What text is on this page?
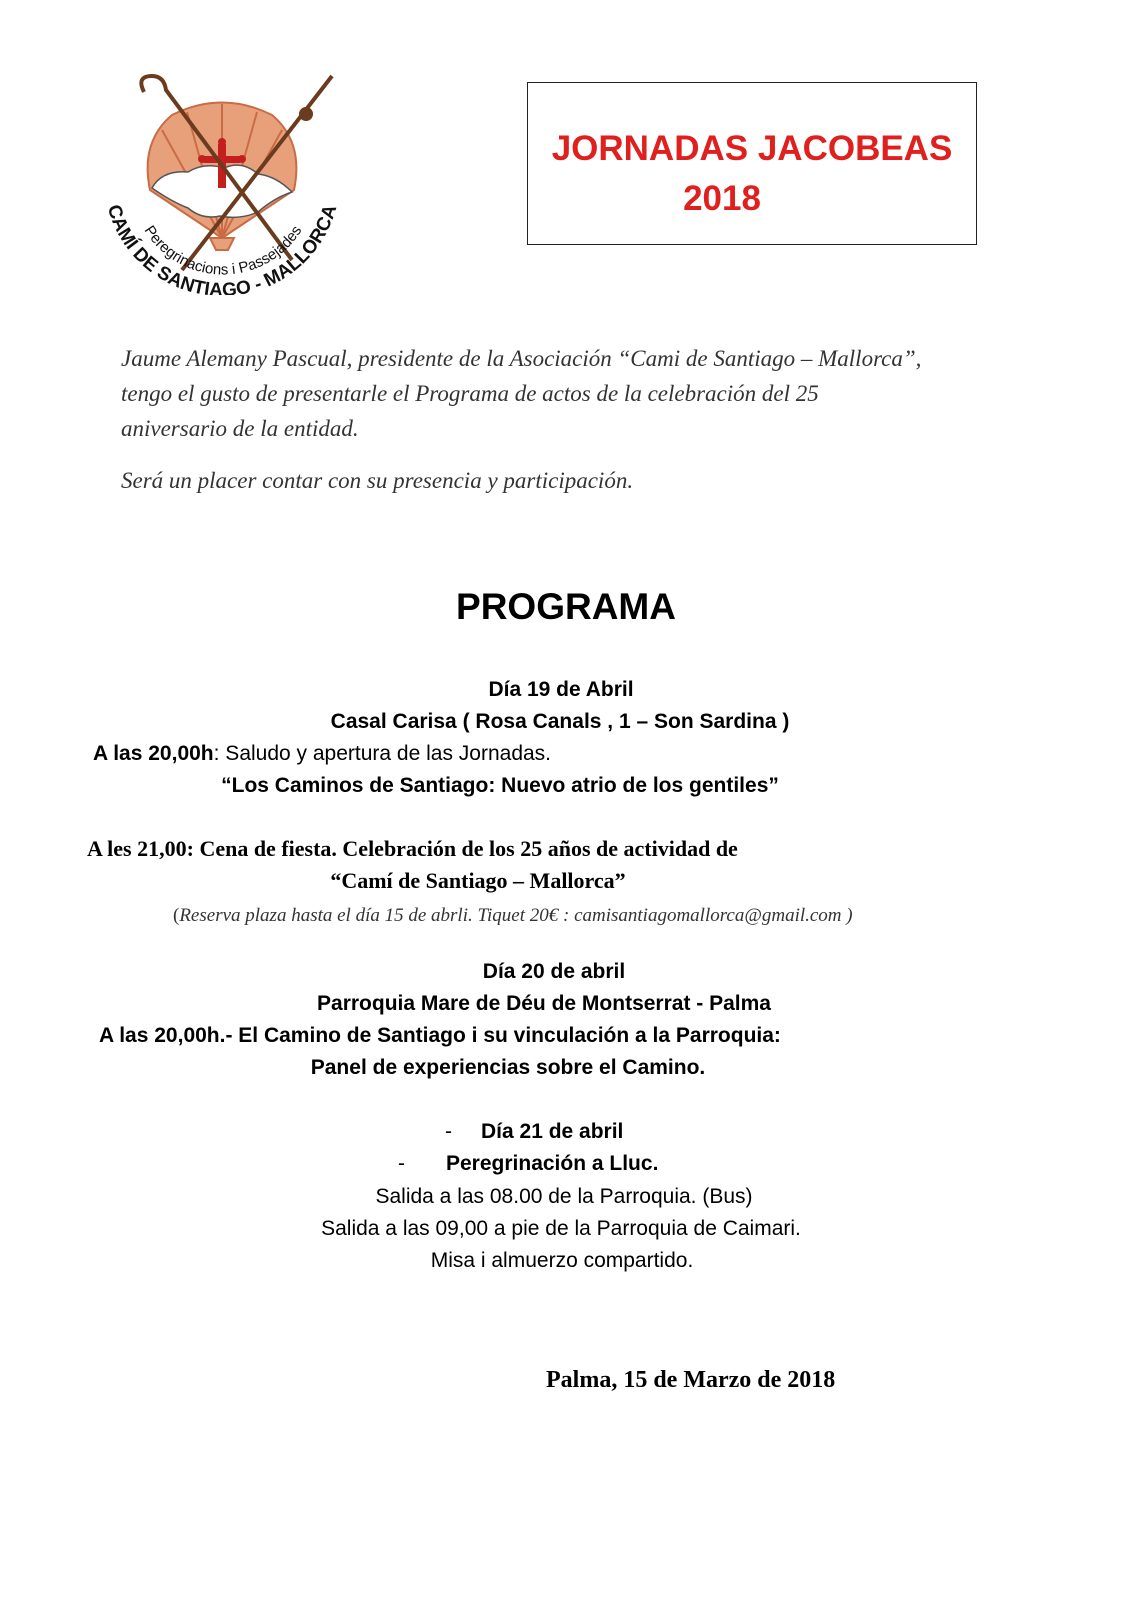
CAMÍ DE SANTIAGO - MALLORCA
Peregrinacions i Passejades
JORNADAS JACOBEAS
2018
Jaume Alemany Pascual, presidente de la Asociación “Cami de Santiago – Mallorca”,
tengo el gusto de presentarle el Programa de actos de la celebración del 25
aniversario de la entidad.
Será un placer contar con su presencia y participación.
PROGRAMA
Día 19 de Abril
Casal Carisa ( Rosa Canals , 1 – Son Sardina )
A las 20,00h: Saludo y apertura de las Jornadas.
“Los Caminos de Santiago: Nuevo atrio de los gentiles”
A les 21,00: Cena de fiesta. Celebración de los 25 años de actividad de
“Camí de Santiago – Mallorca”
(Reserva plaza hasta el día 15 de abrli. Tiquet 20€ : camisantiagomallorca@gmail.com )
Día 20 de abril
Parroquia Mare de Déu de Montserrat - Palma
A las 20,00h.- El Camino de Santiago i su vinculación a la Parroquia:
Panel de experiencias sobre el Camino.
- Día 21 de abril
- Peregrinación a Lluc.
Salida a las 08.00 de la Parroquia. (Bus)
Salida a las 09,00 a pie de la Parroquia de Caimari.
Misa i almuerzo compartido.
Palma, 15 de Marzo de 2018
